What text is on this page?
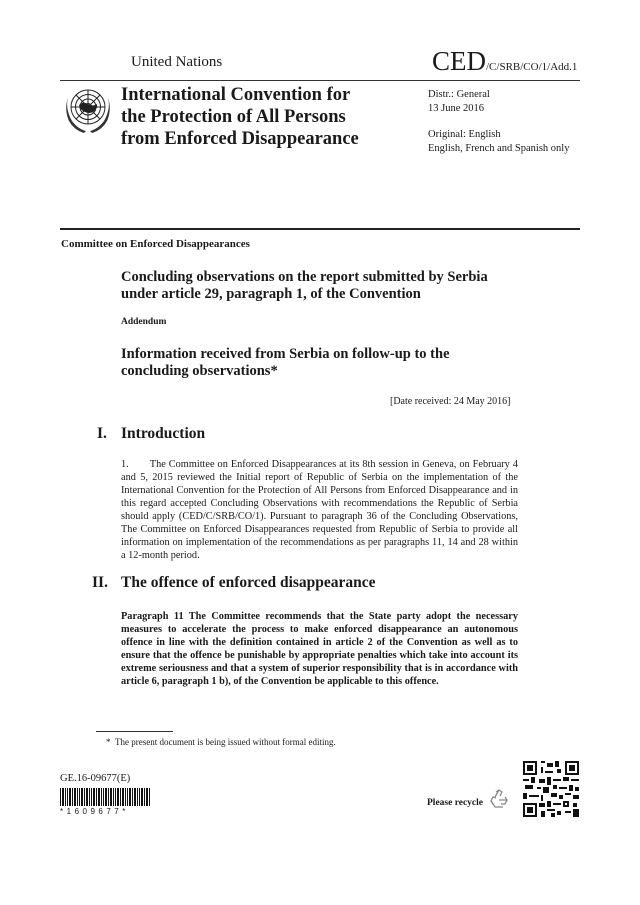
United Nations	CED/C/SRB/CO/1/Add.1
International Convention for
the Protection of All Persons
from Enforced Disappearance
Distr.: General
13 June 2016
Original: English
English, French and Spanish only
Committee on Enforced Disappearances
Concluding observations on the report submitted by Serbia
under article 29, paragraph 1, of the Convention
Addendum
Information received from Serbia on follow-up to the
concluding observations*
[Date received: 24 May 2016]
I. Introduction
1.       The Committee on Enforced Disappearances at its 8th session in Geneva, on February 4 and 5, 2015 reviewed the Initial report of Republic of Serbia on the implementation of the International Convention for the Protection of All Persons from Enforced Disappearance and in this regard accepted Concluding Observations with recommendations the Republic of Serbia should apply (CED/C/SRB/CO/1). Pursuant to paragraph 36 of the Concluding Observations, The Committee on Enforced Disappearances requested from Republic of Serbia to provide all information on implementation of the recommendations as per paragraphs 11, 14 and 28 within a 12-month period.
II. The offence of enforced disappearance
Paragraph 11 The Committee recommends that the State party adopt the necessary measures to accelerate the process to make enforced disappearance an autonomous offence in line with the definition contained in article 2 of the Convention as well as to ensure that the offence be punishable by appropriate penalties which take into account its extreme seriousness and that a system of superior responsibility that is in accordance with article 6, paragraph 1 b), of the Convention be applicable to this offence.
*  The present document is being issued without formal editing.
GE.16-09677(E)
*1609677*
Please recycle
